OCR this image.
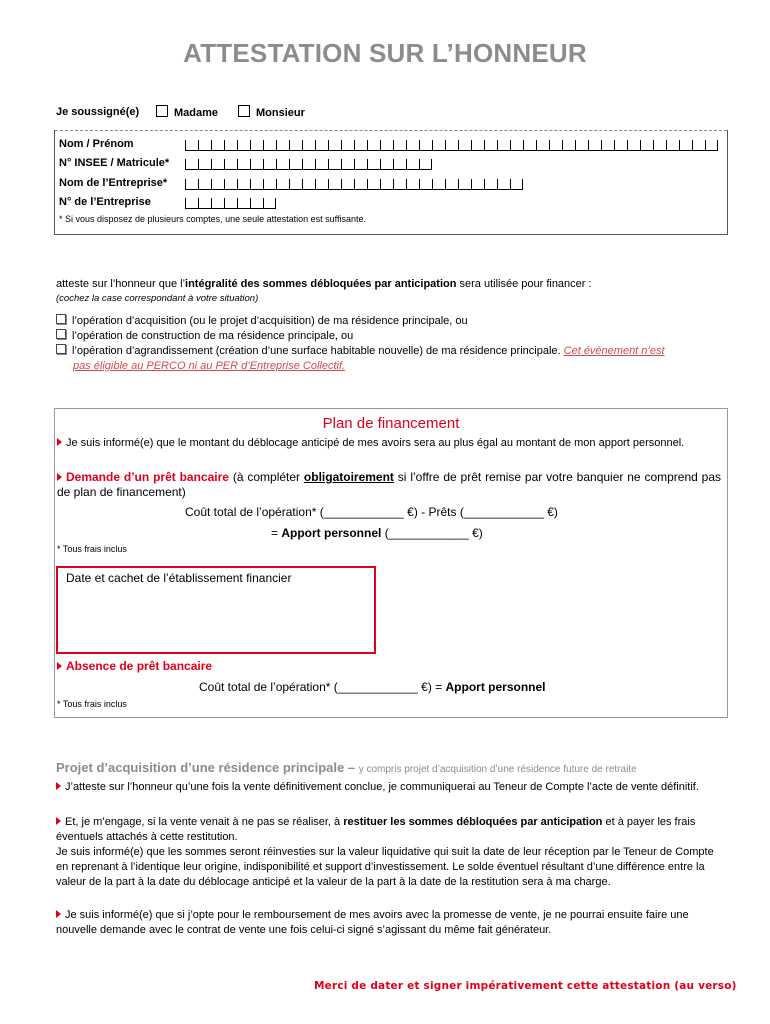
ATTESTATION SUR L’HONNEUR
Je soussigné(e)	Madame	Monsieur
Nom / Prénom
N° INSEE / Matricule*
Nom de l’Entreprise*
N° de l’Entreprise
* Si vous disposez de plusieurs comptes, une seule attestation est suffisante.
atteste sur l’honneur que l’intégralité des sommes débloquées par anticipation sera utilisée pour financer :
(cochez la case correspondant à votre situation)
l’opération d’acquisition (ou le projet d’acquisition) de ma résidence principale, ou
l’opération de construction de ma résidence principale, ou
l’opération d’agrandissement (création d’une surface habitable nouvelle) de ma résidence principale. Cet événement n’est
pas éligible au PERCO ni au PER d’Entreprise Collectif.
Plan de financement
Je suis informé(e) que le montant du déblocage anticipé de mes avoirs sera au plus égal au montant de mon apport personnel.
Demande d’un prêt bancaire (à compléter obligatoirement si l’offre de prêt remise par votre banquier ne comprend pas de plan de financement)
Coût total de l’opération* (____________ €) - Prêts (____________ €)
= Apport personnel (____________ €)
* Tous frais inclus
Absence de prêt bancaire
Coût total de l’opération* (____________ €) = Apport personnel
* Tous frais inclus
Date et cachet de l’établissement financier
Projet d’acquisition d’une résidence principale – y compris projet d’acquisition d’une résidence future de retraite
J’atteste sur l’honneur qu’une fois la vente définitivement conclue, je communiquerai au Teneur de Compte l’acte de vente définitif.
Et, je m’engage, si la vente venait à ne pas se réaliser, à restituer les sommes débloquées par anticipation et à payer les frais éventuels attachés à cette restitution.
Je suis informé(e) que les sommes seront réinvesties sur la valeur liquidative qui suit la date de leur réception par le Teneur de Compte en reprenant à l’identique leur origine, indisponibilité et support d’investissement. Le solde éventuel résultant d’une différence entre la valeur de la part à la date du déblocage anticipé et la valeur de la part à la date de la restitution sera à ma charge.
Je suis informé(e) que si j’opte pour le remboursement de mes avoirs avec la promesse de vente, je ne pourrai ensuite faire une nouvelle demande avec le contrat de vente une fois celui-ci signé s’agissant du même fait générateur.
Merci de dater et signer impérativement cette attestation (au verso)
